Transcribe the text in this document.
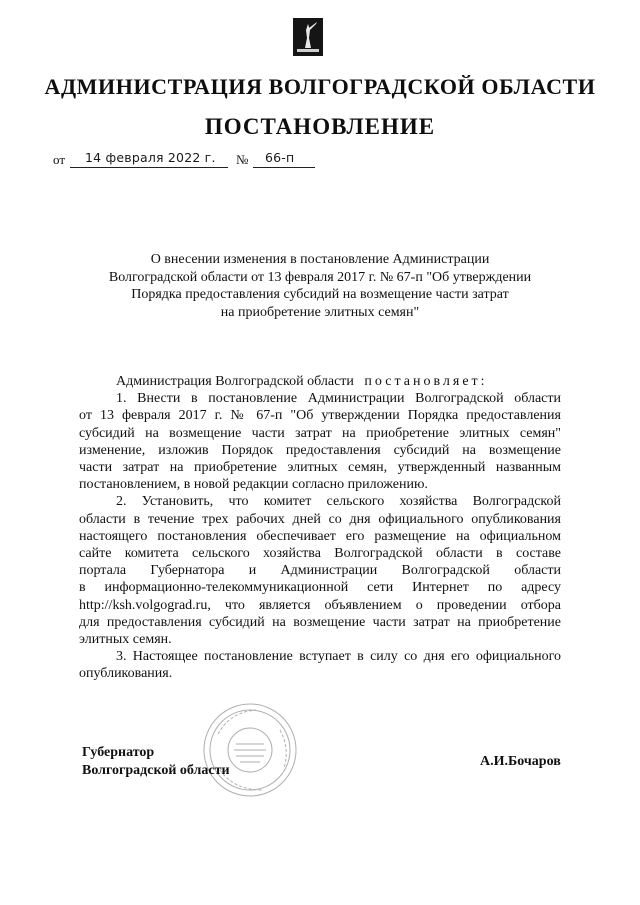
АДМИНИСТРАЦИЯ ВОЛГОГРАДСКОЙ ОБЛАСТИ
ПОСТАНОВЛЕНИЕ
от 14 февраля 2022 г. № 66-п
О внесении изменения в постановление Администрации
Волгоградской области от 13 февраля 2017 г. № 67-п "Об утверждении
Порядка предоставления субсидий на возмещение части затрат
на приобретение элитных семян"
Администрация Волгоградской области постановляет:
1. Внести в постановление Администрации Волгоградской области
от 13 февраля 2017 г. № 67-п "Об утверждении Порядка предоставления
субсидий на возмещение части затрат на приобретение элитных семян"
изменение, изложив Порядок предоставления субсидий на возмещение
части затрат на приобретение элитных семян, утвержденный названным
постановлением, в новой редакции согласно приложению.
2. Установить, что комитет сельского хозяйства Волгоградской
области в течение трех рабочих дней со дня официального опубликования
настоящего постановления обеспечивает его размещение на официальном
сайте комитета сельского хозяйства Волгоградской области в составе
портала Губернатора и Администрации Волгоградской области
в информационно-телекоммуникационной сети Интернет по адресу
http://ksh.volgograd.ru, что является объявлением о проведении отбора
для предоставления субсидий на возмещение части затрат на приобретение
элитных семян.
3. Настоящее постановление вступает в силу со дня его официального
опубликования.
Губернатор
Волгоградской области
А.И.Бочаров
